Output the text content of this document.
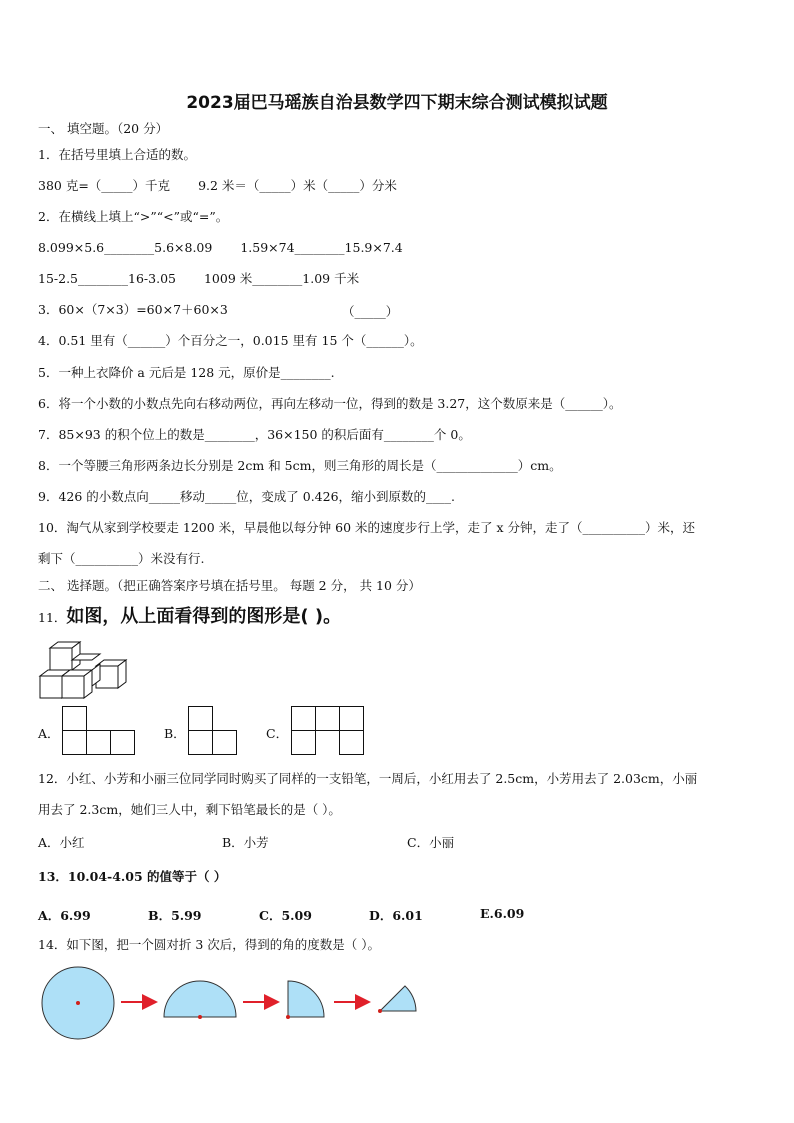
2023届巴马瑶族自治县数学四下期末综合测试模拟试题
一、 填空题。（20 分）
1．在括号里填上合适的数。
380 克=（_____）千克 9.2 米＝（_____）米（_____）分米
2．在横线上填上“>”“<”或“=”。
8.099×5.6________5.6×8.09 1.59×74________15.9×7.4
15-2.5________16-3.05 1009 米________1.09 千米
3．60×（7×3）=60×7＋60×3	（_____）
4．0.51 里有（______）个百分之一，0.015 里有 15 个（______）。
5．一种上衣降价 a 元后是 128 元，原价是________.
6．将一个小数的小数点先向右移动两位，再向左移动一位，得到的数是 3.27，这个数原来是（______）。
7．85×93 的积个位上的数是________，36×150 的积后面有________个 0。
8．一个等腰三角形两条边长分别是 2cm 和 5cm，则三角形的周长是（_____________）cm。
9．426 的小数点向_____移动_____位，变成了 0.426，缩小到原数的____.
10．淘气从家到学校要走 1200 米，早晨他以每分钟 60 米的速度步行上学，走了 x 分钟，走了（__________）米，还
剩下（__________）米没有行.
二、 选择题。（把正确答案序号填在括号里。 每题 2 分， 共 10 分）
11．如图，从上面看得到的图形是( )。
A．	B．	C．
12．小红、小芳和小丽三位同学同时购买了同样的一支铅笔，一周后，小红用去了 2.5cm，小芳用去了 2.03cm，小丽
用去了 2.3cm，她们三人中，剩下铅笔最长的是（ ）。
A．小红	B．小芳	C．小丽
13．10.04-4.05 的值等于（ ）
A．6.99	B．5.99	C．5.09	D．6.01	E.6.09
14．如下图，把一个圆对折 3 次后，得到的角的度数是（ ）。
